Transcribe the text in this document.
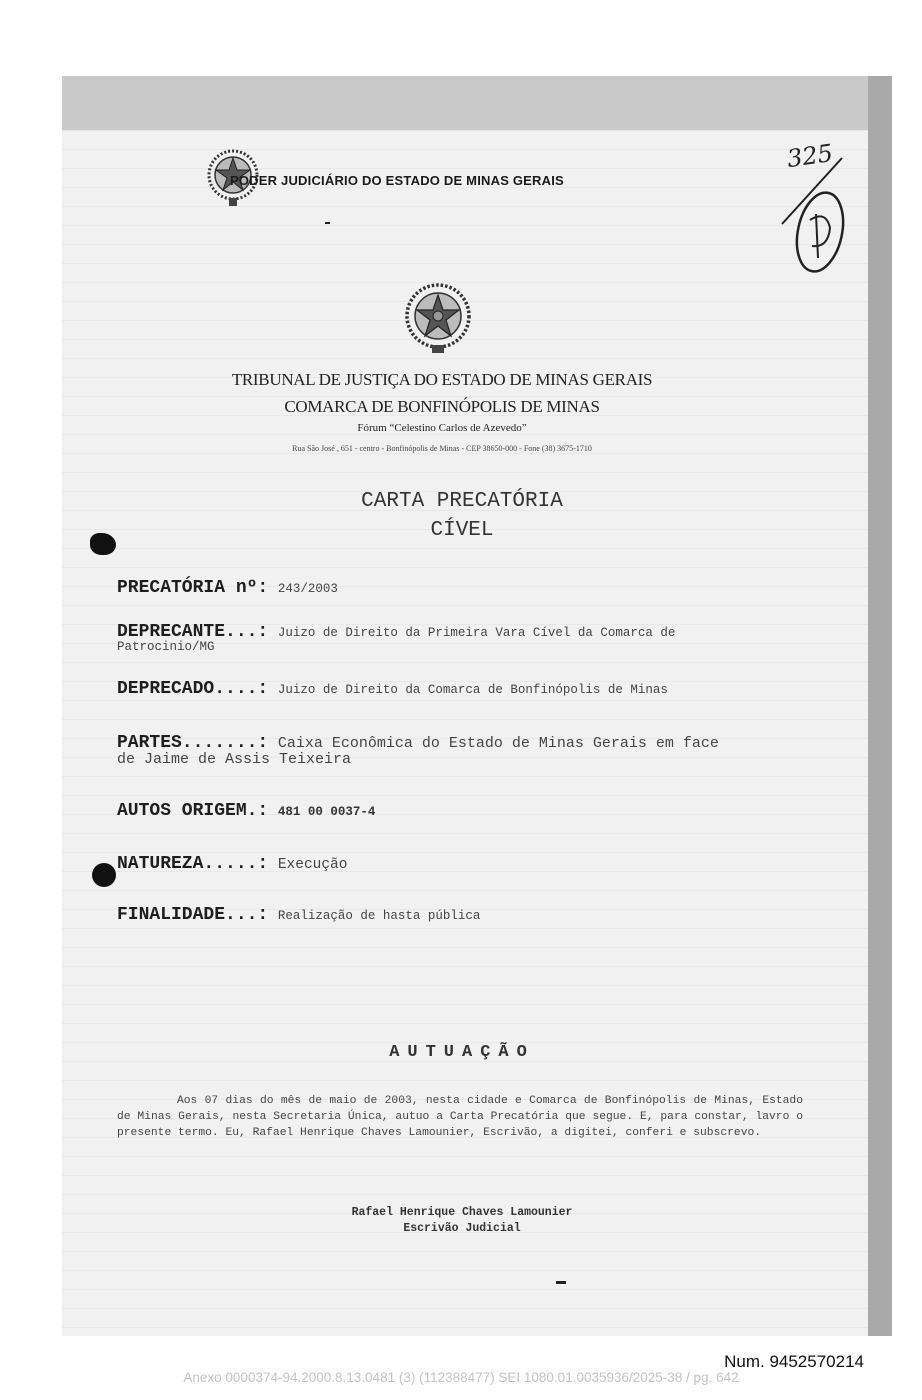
PODER JUDICIÁRIO DO ESTADO DE MINAS GERAIS
325
TRIBUNAL DE JUSTIÇA DO ESTADO DE MINAS GERAIS
COMARCA DE BONFINÓPOLIS DE MINAS
Fórum “Celestino Carlos de Azevedo”
Rua São José , 651 - centro - Bonfinópolis de Minas - CEP 38650-000 - Fone (38) 3675-1710
CARTA PRECATÓRIA
CÍVEL
PRECATÓRIA nº: 243/2003
DEPRECANTE...: Juizo de Direito da Primeira Vara Cível da Comarca de
Patrocinio/MG
DEPRECADO....: Juizo de Direito da Comarca de Bonfinópolis de Minas
PARTES.......: Caixa Econômica do Estado de Minas Gerais em face
de Jaime de Assis Teixeira
AUTOS ORIGEM.: 481 00 0037-4
NATUREZA.....: Execução
FINALIDADE...: Realização de hasta pública
AUTUAÇÃO
Aos 07 dias do mês de maio de 2003, nesta cidade e Comarca de Bonfinópolis de Minas, Estado de Minas Gerais, nesta Secretaria Única, autuo a Carta Precatória que segue. E, para constar, lavro o presente termo. Eu, Rafael Henrique Chaves Lamounier, Escrivão, a digitei, conferi e subscrevo.
Rafael Henrique Chaves Lamounier
Escrivão Judicial
Num. 9452570214
Anexo 0000374-94.2000.8.13.0481 (3) (112388477) SEI 1080.01.0035936/2025-38 / pg. 642
